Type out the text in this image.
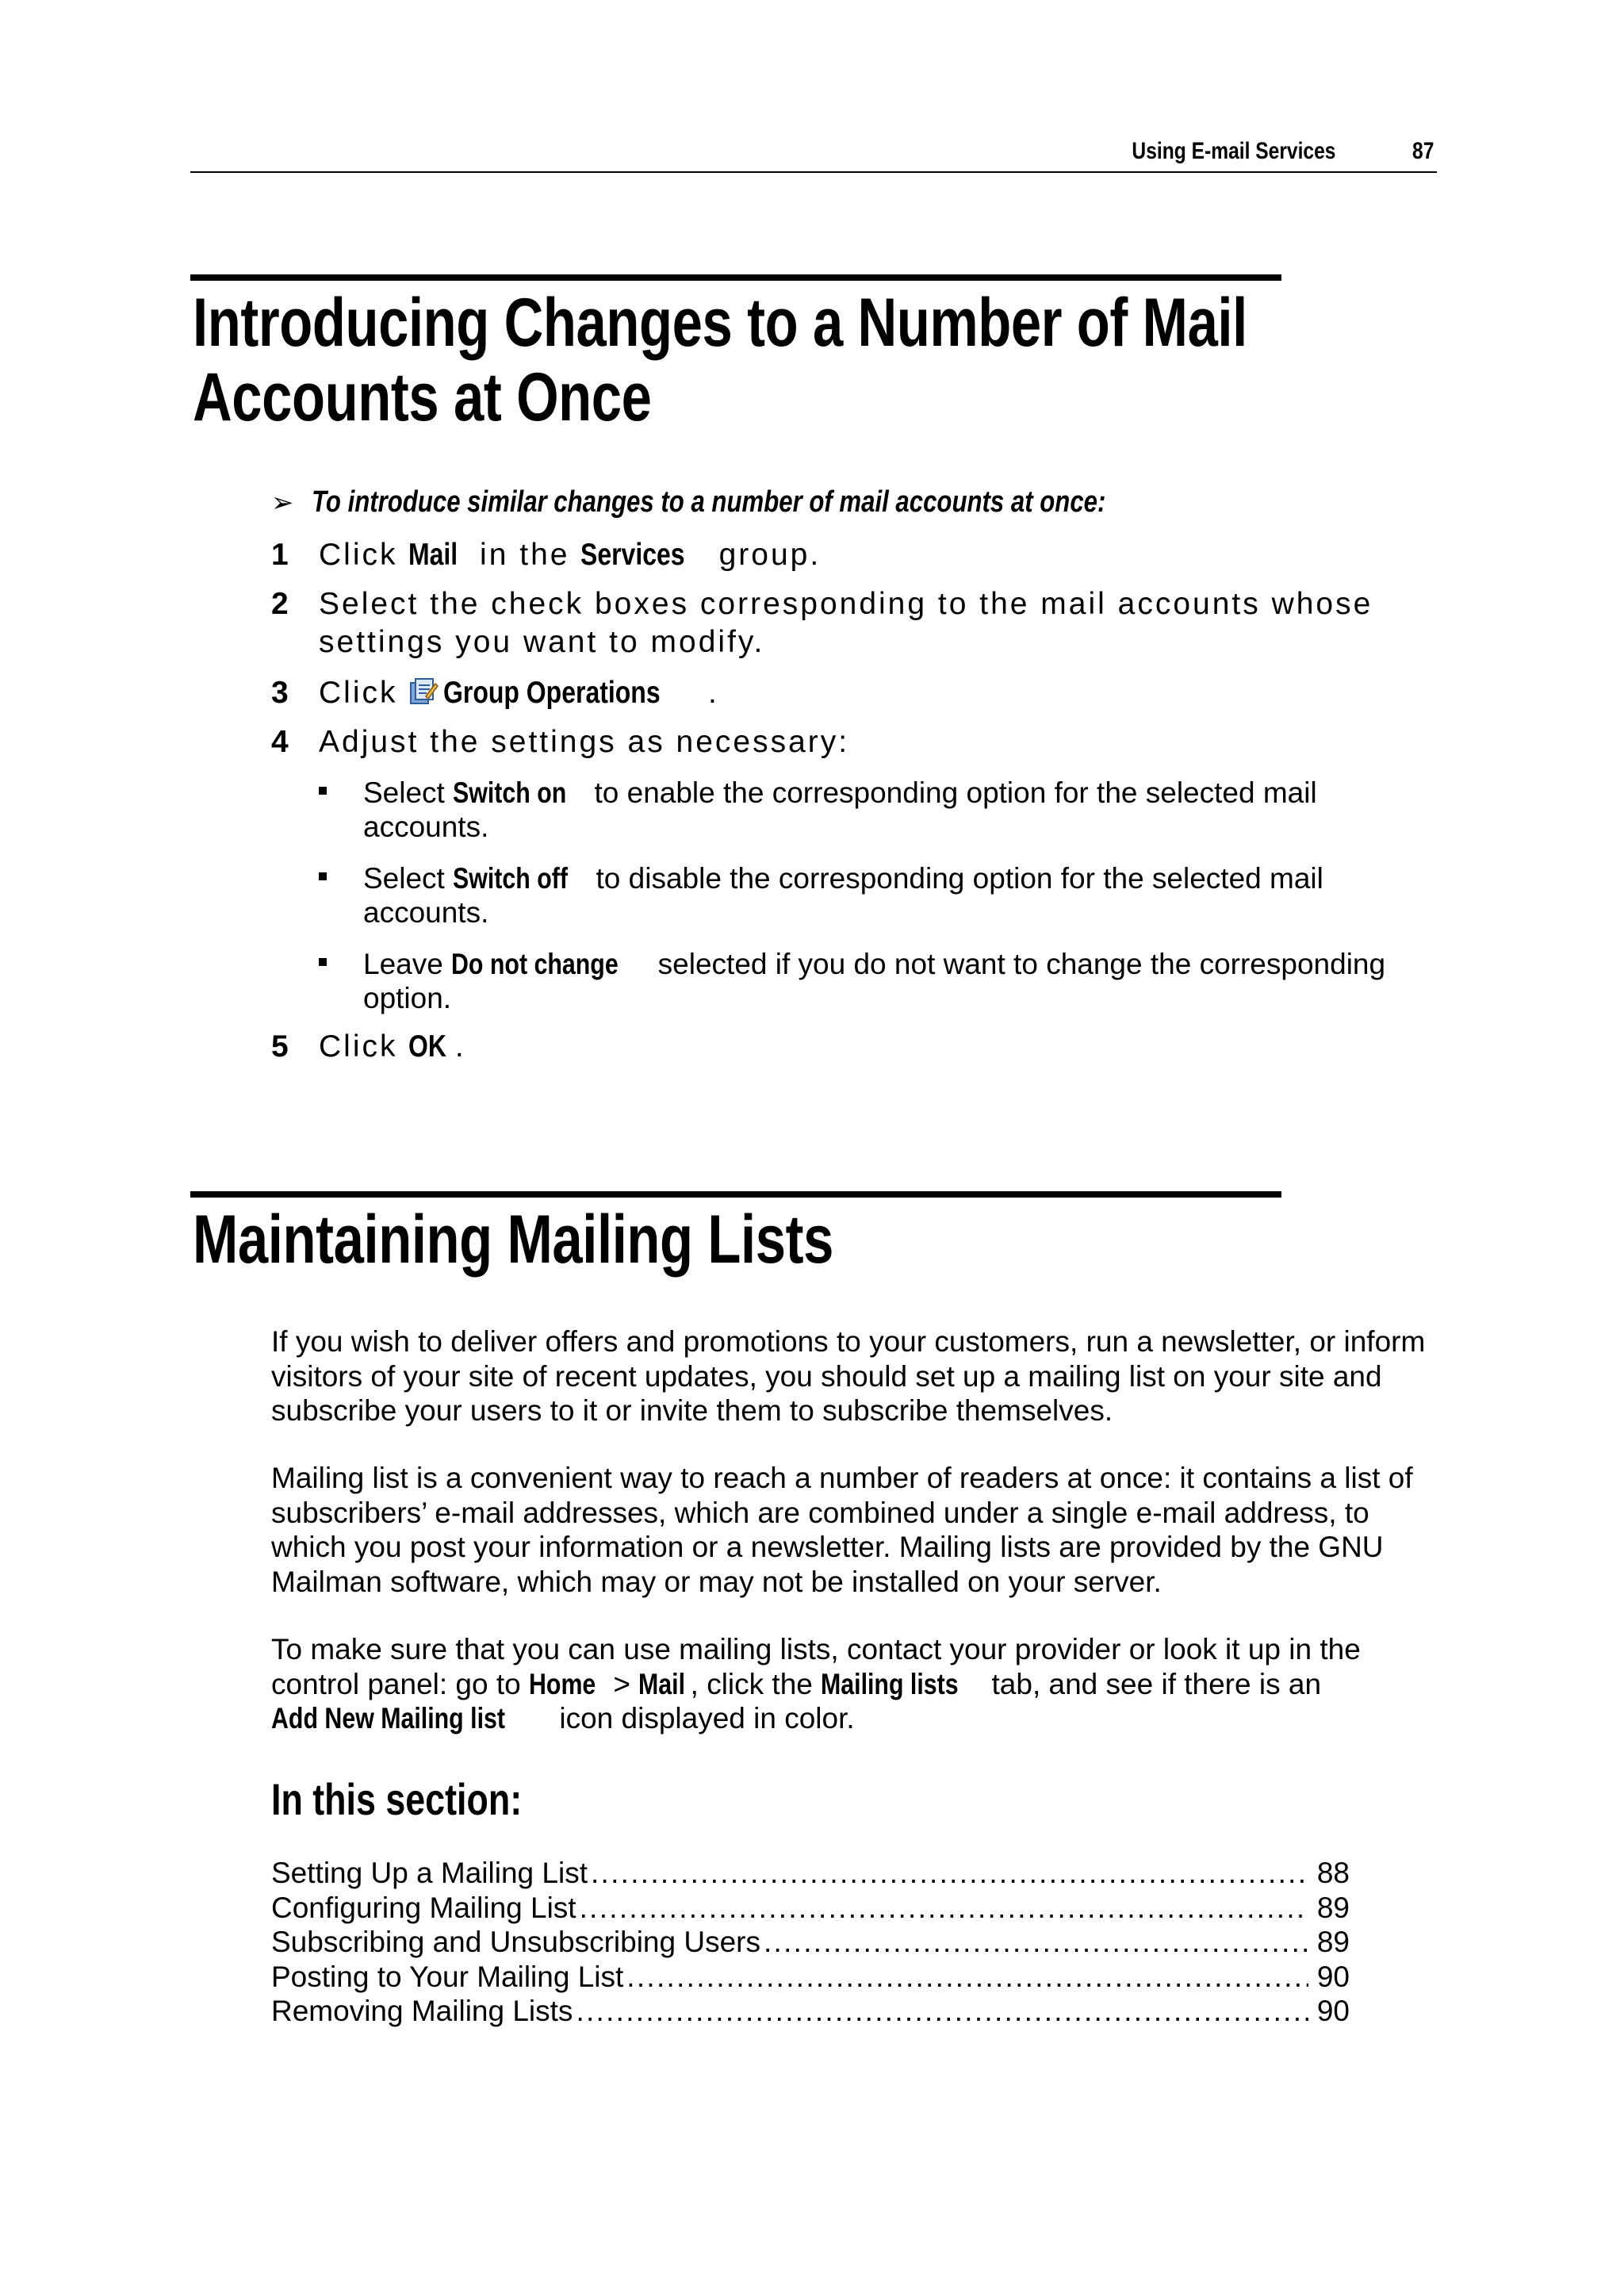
Using E-mail Services	87
Introducing Changes to a Number of Mail
Accounts at Once
➢ To introduce similar changes to a number of mail accounts at once:
1 Click Mail in the Services group.
2 Select the check boxes corresponding to the mail accounts whose
settings you want to modify.
3 Click Group Operations .
4 Adjust the settings as necessary:
Select Switch on to enable the corresponding option for the selected mail accounts.
Select Switch off to disable the corresponding option for the selected mail accounts.
Leave Do not change selected if you do not want to change the corresponding option.
5 Click OK .
Maintaining Mailing Lists
If you wish to deliver offers and promotions to your customers, run a newsletter, or inform visitors of your site of recent updates, you should set up a mailing list on your site and subscribe your users to it or invite them to subscribe themselves.
Mailing list is a convenient way to reach a number of readers at once: it contains a list of subscribers’ e-mail addresses, which are combined under a single e-mail address, to which you post your information or a newsletter. Mailing lists are provided by the GNU Mailman software, which may or may not be installed on your server.
To make sure that you can use mailing lists, contact your provider or look it up in the control panel: go to Home > Mail , click the Mailing lists tab, and see if there is an Add New Mailing list icon displayed in color.
In this section:
Setting Up a Mailing List . . .	88
Configuring Mailing List . . .	89
Subscribing and Unsubscribing Users . . .	89
Posting to Your Mailing List . . .	90
Removing Mailing Lists . . .	90
